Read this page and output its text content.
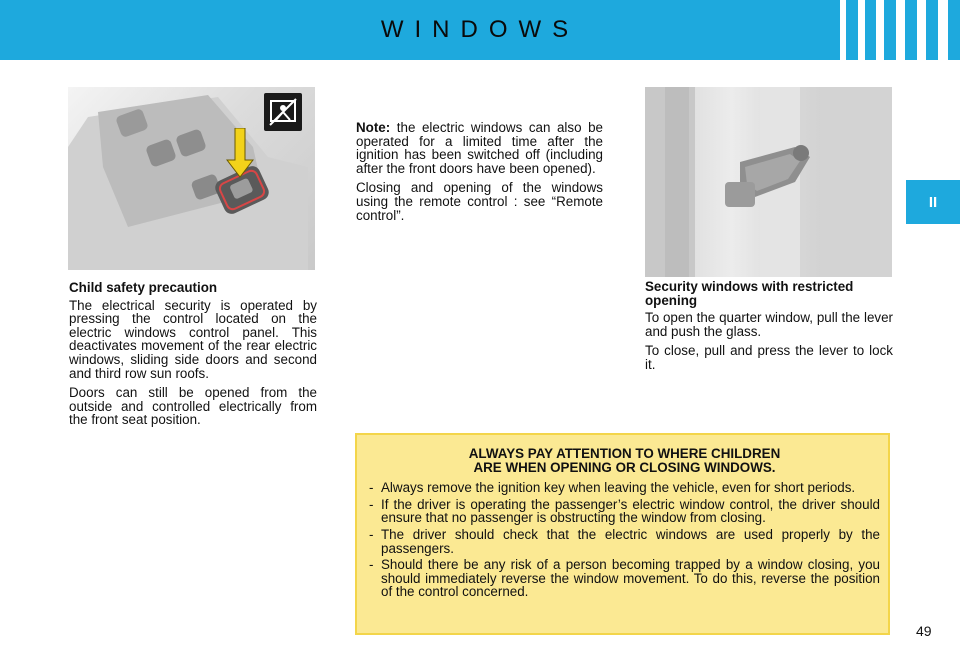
WINDOWS
II
Child safety precaution

The electrical security is operated by pressing the control located on the electric windows control panel. This deactivates movement of the rear electric windows, sliding side doors and second and third row sun roofs.

Doors can still be opened from the outside and controlled electrically from the front seat position.

Note: the electric windows can also be operated for a limited time after the ignition has been switched off (including after the front doors have been opened).

Closing and opening of the windows using the remote control : see “Remote control”.

Security windows with restricted opening

To open the quarter window, pull the lever and push the glass.

To close, pull and press the lever to lock it.

ALWAYS PAY ATTENTION TO WHERE CHILDREN
ARE WHEN OPENING OR CLOSING WINDOWS.
- Always remove the ignition key when leaving the vehicle, even for short periods.
- If the driver is operating the passenger’s electric window control, the driver should ensure that no passenger is obstructing the window from closing.
- The driver should check that the electric windows are used properly by the passengers.
- Should there be any risk of a person becoming trapped by a window closing, you should immediately reverse the window movement. To do this, reverse the position of the control concerned.
49
